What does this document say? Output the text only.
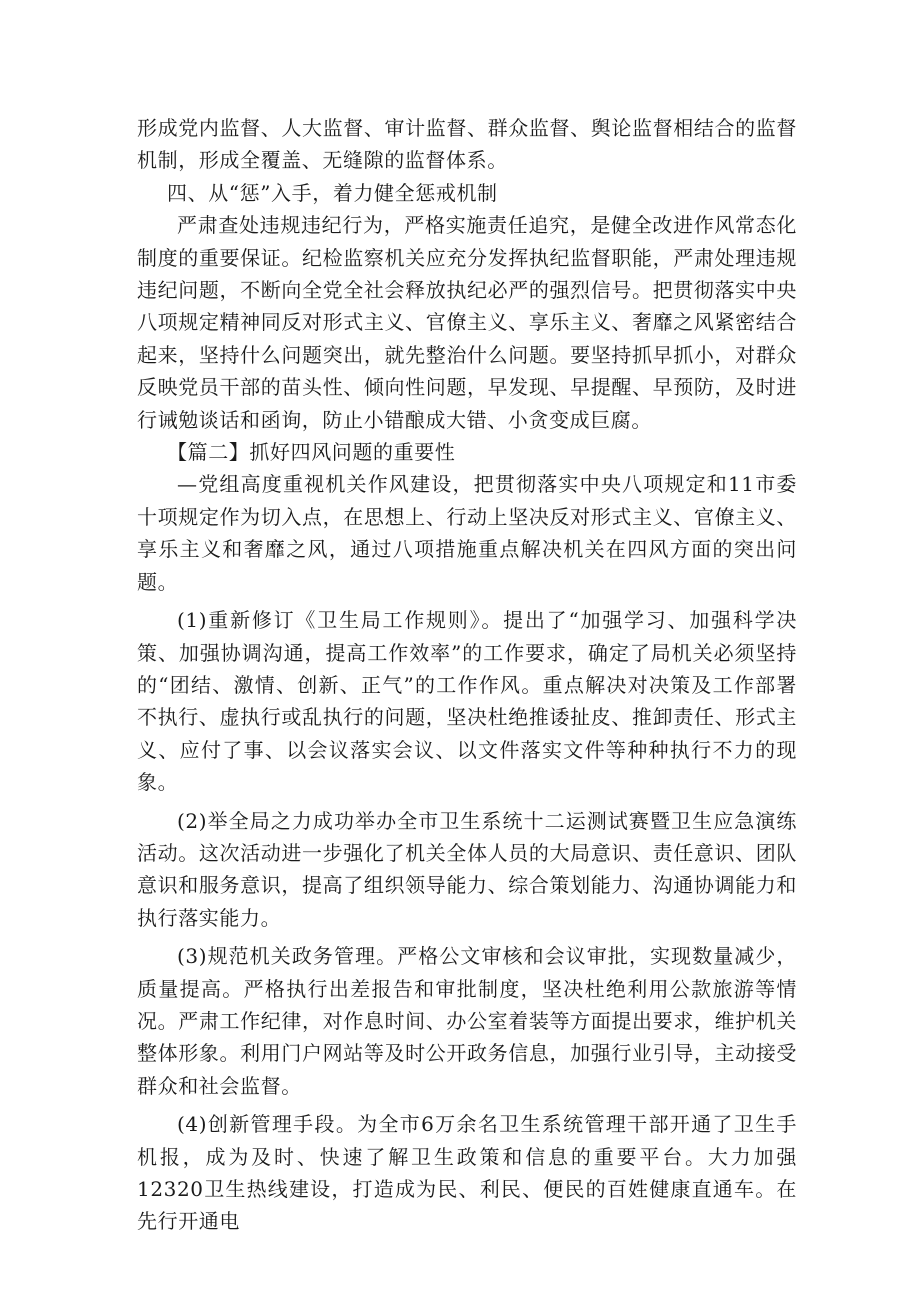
形成党内监督、人大监督、审计监督、群众监督、舆论监督相结合的监督机制，形成全覆盖、无缝隙的监督体系。

四、从“惩”入手，着力健全惩戒机制

严肃查处违规违纪行为，严格实施责任追究，是健全改进作风常态化制度的重要保证。纪检监察机关应充分发挥执纪监督职能，严肃处理违规违纪问题，不断向全党全社会释放执纪必严的强烈信号。把贯彻落实中央八项规定精神同反对形式主义、官僚主义、享乐主义、奢靡之风紧密结合起来，坚持什么问题突出，就先整治什么问题。要坚持抓早抓小，对群众反映党员干部的苗头性、倾向性问题，早发现、早提醒、早预防，及时进行诫勉谈话和函询，防止小错酿成大错、小贪变成巨腐。

【篇二】抓好四风问题的重要性

—党组高度重视机关作风建设，把贯彻落实中央八项规定和11市委十项规定作为切入点，在思想上、行动上坚决反对形式主义、官僚主义、享乐主义和奢靡之风，通过八项措施重点解决机关在四风方面的突出问题。

(1)重新修订《卫生局工作规则》。提出了“加强学习、加强科学决策、加强协调沟通，提高工作效率”的工作要求，确定了局机关必须坚持的“团结、激情、创新、正气”的工作作风。重点解决对决策及工作部署不执行、虚执行或乱执行的问题，坚决杜绝推诿扯皮、推卸责任、形式主义、应付了事、以会议落实会议、以文件落实文件等种种执行不力的现象。

(2)举全局之力成功举办全市卫生系统十二运测试赛暨卫生应急演练活动。这次活动进一步强化了机关全体人员的大局意识、责任意识、团队意识和服务意识，提高了组织领导能力、综合策划能力、沟通协调能力和执行落实能力。

(3)规范机关政务管理。严格公文审核和会议审批，实现数量减少，质量提高。严格执行出差报告和审批制度，坚决杜绝利用公款旅游等情况。严肃工作纪律，对作息时间、办公室着装等方面提出要求，维护机关整体形象。利用门户网站等及时公开政务信息，加强行业引导，主动接受群众和社会监督。

(4)创新管理手段。为全市6万余名卫生系统管理干部开通了卫生手机报，成为及时、快速了解卫生政策和信息的重要平台。大力加强12320卫生热线建设，打造成为民、利民、便民的百姓健康直通车。在先行开通电
